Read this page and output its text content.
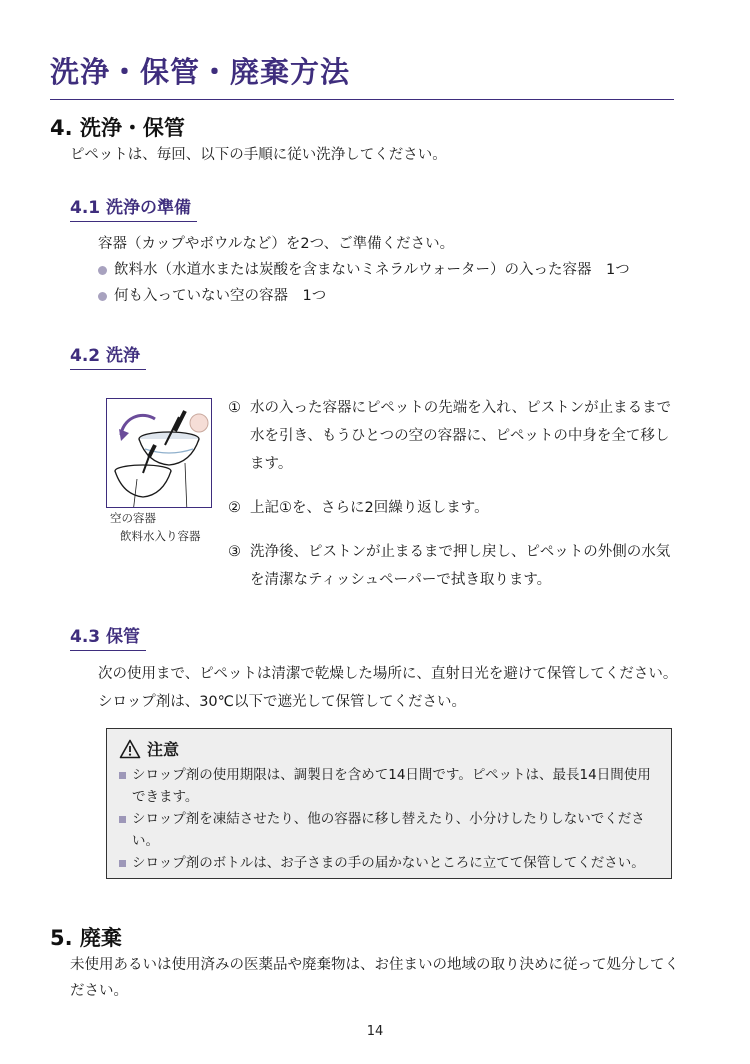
洗浄・保管・廃棄方法
4. 洗浄・保管
ピペットは、毎回、以下の手順に従い洗浄してください。
4.1 洗浄の準備
容器（カップやボウルなど）を2つ、ご準備ください。
飲料水（水道水または炭酸を含まないミネラルウォーター）の入った容器　1つ
何も入っていない空の容器　1つ
4.2 洗浄
空の容器
飲料水入り容器
① 水の入った容器にピペットの先端を入れ、ピストンが止まるまで水を引き、もうひとつの空の容器に、ピペットの中身を全て移します。
② 上記①を、さらに2回繰り返します。
③ 洗浄後、ピストンが止まるまで押し戻し、ピペットの外側の水気を清潔なティッシュペーパーで拭き取ります。
4.3 保管
次の使用まで、ピペットは清潔で乾燥した場所に、直射日光を避けて保管してください。シロップ剤は、30℃以下で遮光して保管してください。
注意
シロップ剤の使用期限は、調製日を含めて14日間です。ピペットは、最長14日間使用できます。
シロップ剤を凍結させたり、他の容器に移し替えたり、小分けしたりしないでください。
シロップ剤のボトルは、お子さまの手の届かないところに立てて保管してください。
5. 廃棄
未使用あるいは使用済みの医薬品や廃棄物は、お住まいの地域の取り決めに従って処分してください。
14
